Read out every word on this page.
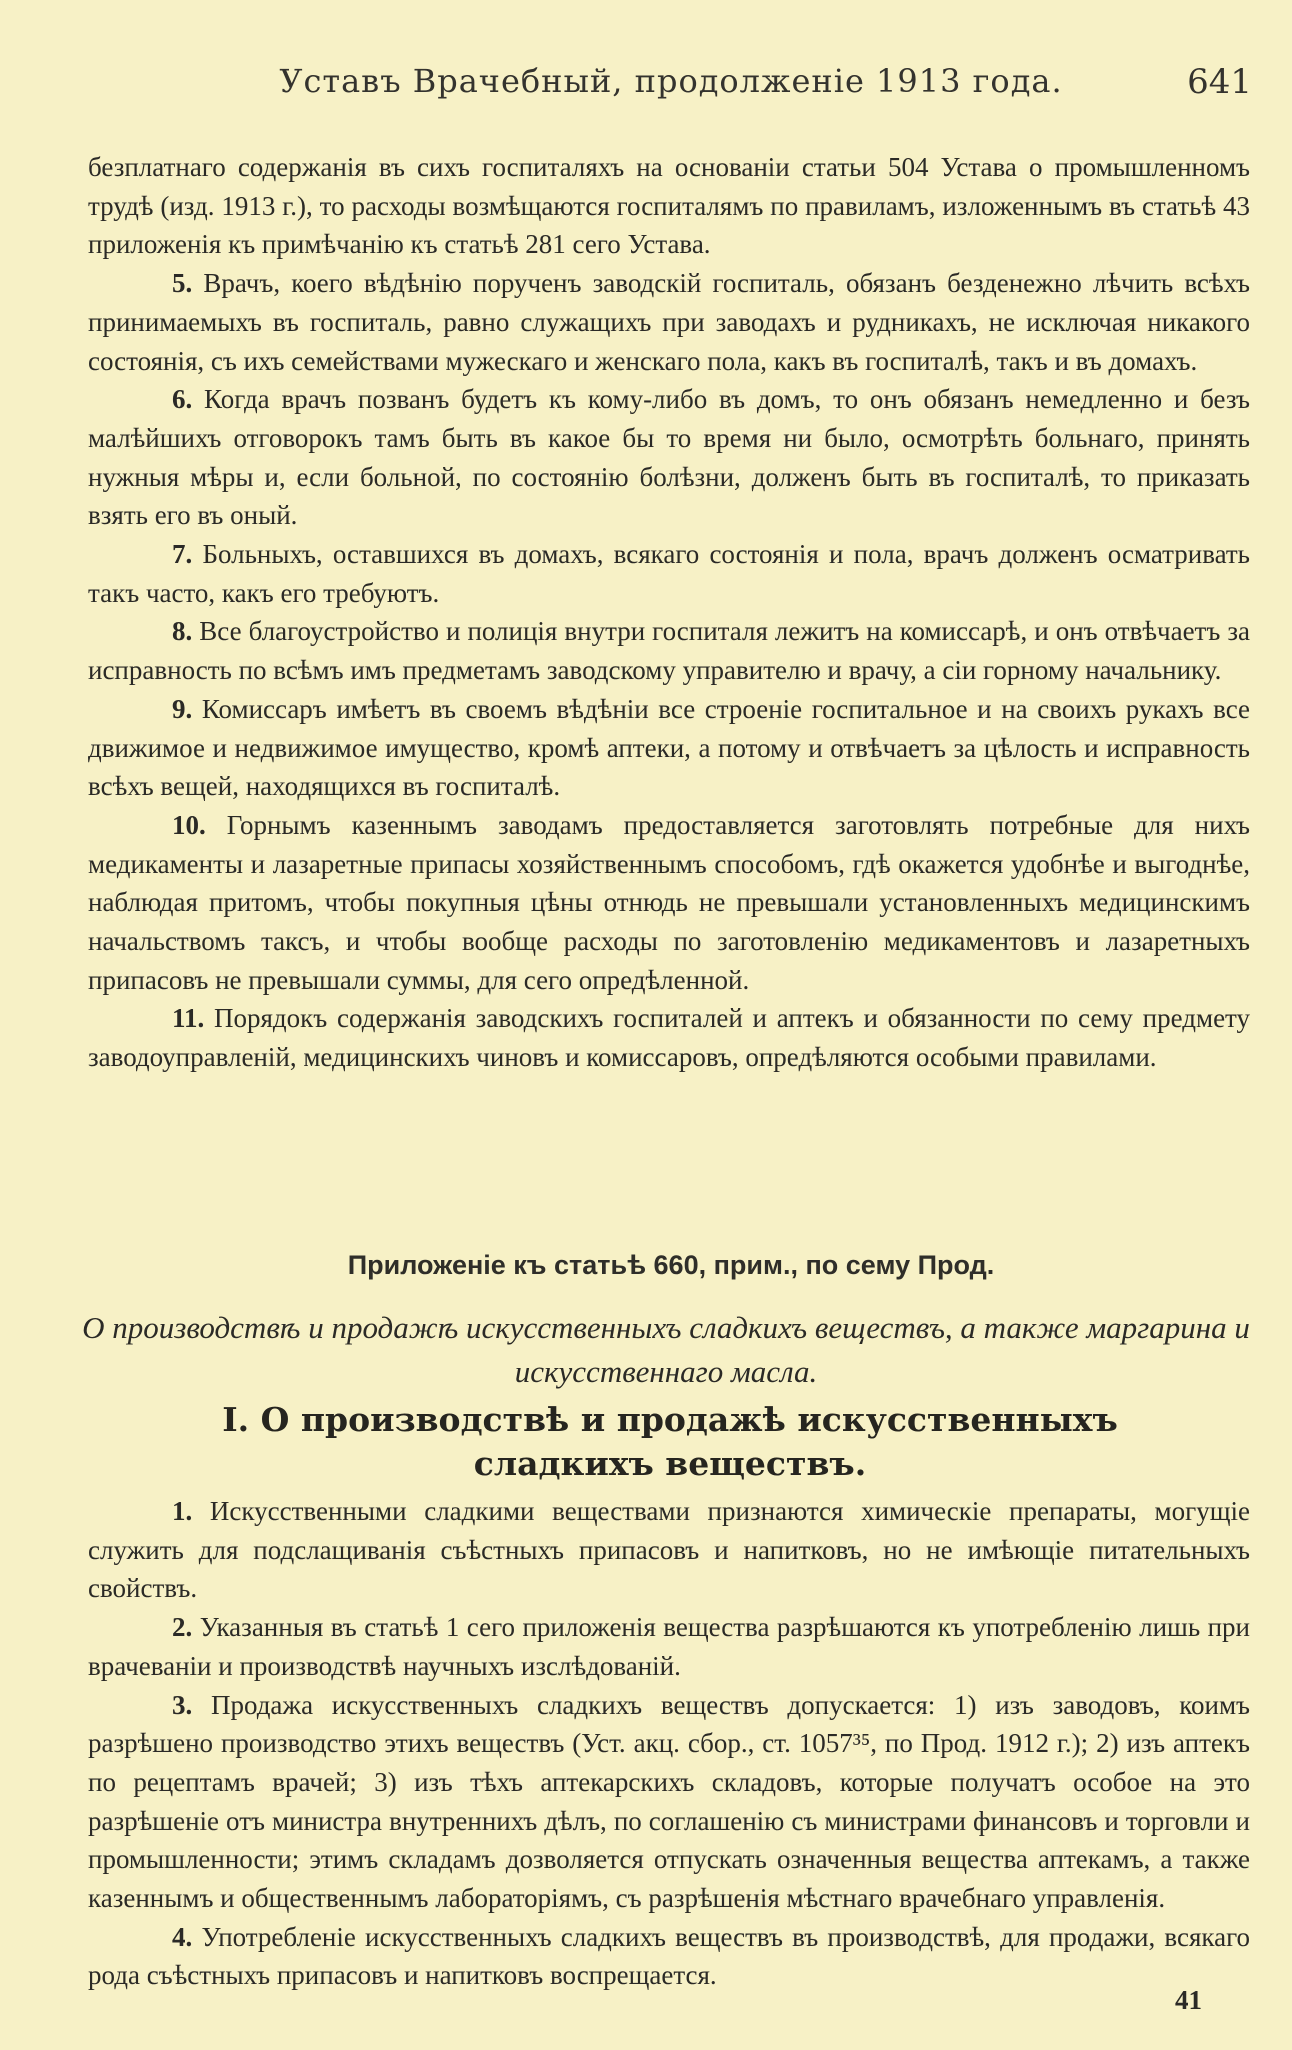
Уставъ Врачебный, продолженіе 1913 года.	641

безплатнаго содержанія въ сихъ госпиталяхъ на основаніи статьи 504 Устава о промышленномъ трудѣ (изд. 1913 г.), то расходы возмѣщаются госпиталямъ по правиламъ, изложеннымъ въ статьѣ 43 приложенія къ примѣчанію къ статьѣ 281 сего Устава.

5. Врачъ, коего вѣдѣнію порученъ заводскій госпиталь, обязанъ безденежно лѣчить всѣхъ принимаемыхъ въ госпиталь, равно служащихъ при заводахъ и рудникахъ, не исключая никакого состоянія, съ ихъ семействами мужескаго и женскаго пола, какъ въ госпиталѣ, такъ и въ домахъ.

6. Когда врачъ позванъ будетъ къ кому-либо въ домъ, то онъ обязанъ немедленно и безъ малѣйшихъ отговорокъ тамъ быть въ какое бы то время ни было, осмотрѣть больнаго, принять нужныя мѣры и, если больной, по состоянію болѣзни, долженъ быть въ госпиталѣ, то приказать взять его въ оный.

7. Больныхъ, оставшихся въ домахъ, всякаго состоянія и пола, врачъ долженъ осматривать такъ часто, какъ его требуютъ.

8. Все благоустройство и полиція внутри госпиталя лежитъ на комиссарѣ, и онъ отвѣчаетъ за исправность по всѣмъ имъ предметамъ заводскому управителю и врачу, а сіи горному начальнику.

9. Комиссаръ имѣетъ въ своемъ вѣдѣніи все строеніе госпитальное и на своихъ рукахъ все движимое и недвижимое имущество, кромѣ аптеки, а потому и отвѣчаетъ за цѣлость и исправность всѣхъ вещей, находящихся въ госпиталѣ.

10. Горнымъ казеннымъ заводамъ предоставляется заготовлять потребные для нихъ медикаменты и лазаретные припасы хозяйственнымъ способомъ, гдѣ окажется удобнѣе и выгоднѣе, наблюдая притомъ, чтобы покупныя цѣны отнюдь не превышали установленныхъ медицинскимъ начальствомъ таксъ, и чтобы вообще расходы по заготовленію медикаментовъ и лазаретныхъ припасовъ не превышали суммы, для сего опредѣленной.

11. Порядокъ содержанія заводскихъ госпиталей и аптекъ и обязанности по сему предмету заводоуправленій, медицинскихъ чиновъ и комиссаровъ, опредѣляются особыми правилами.

Приложеніе къ статьѣ 660, прим., по сему Прод.
О производствѣ и продажѣ искусственныхъ сладкихъ веществъ, а также маргарина и искусственнаго масла.
I. О производствѣ и продажѣ искусственныхъ сладкихъ веществъ.

1. Искусственными сладкими веществами признаются химическіе препараты, могущіе служить для подслащиванія съѣстныхъ припасовъ и напитковъ, но не имѣющіе питательныхъ свойствъ.

2. Указанныя въ статьѣ 1 сего приложенія вещества разрѣшаются къ употребленію лишь при врачеваніи и производствѣ научныхъ изслѣдованій.

3. Продажа искусственныхъ сладкихъ веществъ допускается: 1) изъ заводовъ, коимъ разрѣшено производство этихъ веществъ (Уст. акц. сбор., ст. 1057³⁵, по Прод. 1912 г.); 2) изъ аптекъ по рецептамъ врачей; 3) изъ тѣхъ аптекарскихъ складовъ, которые получатъ особое на это разрѣшеніе отъ министра внутреннихъ дѣлъ, по соглашенію съ министрами финансовъ и торговли и промышленности; этимъ складамъ дозволяется отпускать означенныя вещества аптекамъ, а также казеннымъ и общественнымъ лабораторіямъ, съ разрѣшенія мѣстнаго врачебнаго управленія.

4. Употребленіе искусственныхъ сладкихъ веществъ въ производствѣ, для продажи, всякаго рода съѣстныхъ припасовъ и напитковъ воспрещается.

41
